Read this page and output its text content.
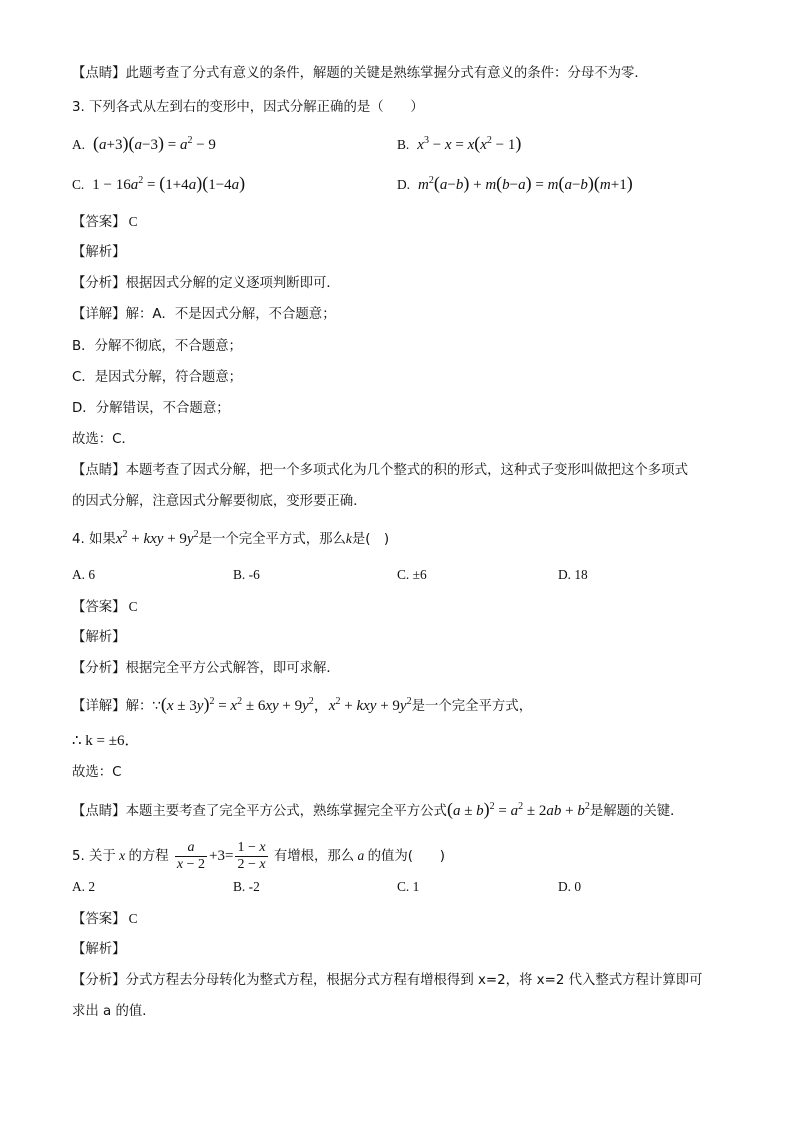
【点睛】此题考查了分式有意义的条件，解题的关键是熟练掌握分式有意义的条件：分母不为零．
3. 下列各式从左到右的变形中，因式分解正确的是（　　）
A. $(a+3)(a-3) = a^2 - 9$	B. $x^3 - x = x(x^2 - 1)$
C. $1 - 16a^2 = (1+4a)(1-4a)$	D. $m^2(a-b) + m(b-a) = m(a-b)(m+1)$
【答案】 C
【解析】
【分析】根据因式分解的定义逐项判断即可．
【详解】解：A．不是因式分解，不合题意；
B．分解不彻底，不合题意；
C．是因式分解，符合题意；
D．分解错误，不合题意；
故选：C．
【点睛】本题考查了因式分解，把一个多项式化为几个整式的积的形式，这种式子变形叫做把这个多项式
的因式分解，注意因式分解要彻底，变形要正确．
4. 如果$x^2$ + kxy + $9y^2$是一个完全平方式，那么k是(　)
A. 6	B. -6	C. ±6	D. 18
【答案】 C
【解析】
【分析】根据完全平方公式解答，即可求解．
【详解】解：∵(x ± $3y)^2 = x^2 \pm 6xy + 9y^2$，$x^2$ + kxy + $9y^2$是一个完全平方式，
∴ k = ±6．
故选：C
【点睛】本题主要考查了完全平方公式，熟练掌握完全平方公式$(a \pm b)^2 = a^2 \pm 2ab + b^2$是解题的关键．
5. 关于 x 的方程 $\frac{a}{x - 2} +3= \frac{1 - x}{2 - x}$ 有增根，那么 a 的值为(　　)
A. 2	B. -2	C. 1	D. 0
【答案】 C
【解析】
【分析】分式方程去分母转化为整式方程，根据分式方程有增根得到 x=2，将 x=2 代入整式方程计算即可
求出 a 的值．
